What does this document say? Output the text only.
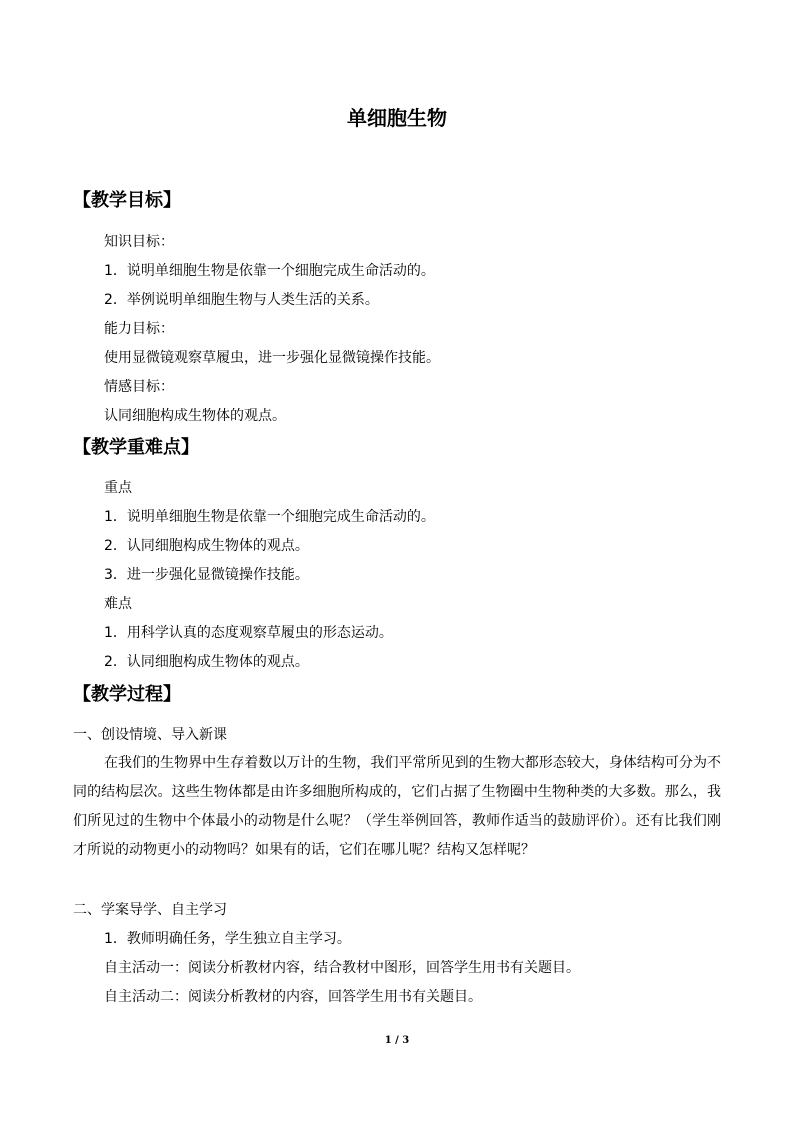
单细胞生物
【教学目标】
知识目标：
1．说明单细胞生物是依靠一个细胞完成生命活动的。
2．举例说明单细胞生物与人类生活的关系。
能力目标：
使用显微镜观察草履虫，进一步强化显微镜操作技能。
情感目标：
认同细胞构成生物体的观点。
【教学重难点】
重点
1．说明单细胞生物是依靠一个细胞完成生命活动的。
2．认同细胞构成生物体的观点。
3．进一步强化显微镜操作技能。
难点
1．用科学认真的态度观察草履虫的形态运动。
2．认同细胞构成生物体的观点。
【教学过程】
一、创设情境、导入新课
在我们的生物界中生存着数以万计的生物，我们平常所见到的生物大都形态较大，身体结构可分为不同的结构层次。这些生物体都是由许多细胞所构成的，它们占据了生物圈中生物种类的大多数。那么，我们所见过的生物中个体最小的动物是什么呢？（学生举例回答，教师作适当的鼓励评价）。还有比我们刚才所说的动物更小的动物吗？如果有的话，它们在哪儿呢？结构又怎样呢？
二、学案导学、自主学习
1．教师明确任务，学生独立自主学习。
自主活动一：阅读分析教材内容，结合教材中图形，回答学生用书有关题目。
自主活动二：阅读分析教材的内容，回答学生用书有关题目。
1 / 3
